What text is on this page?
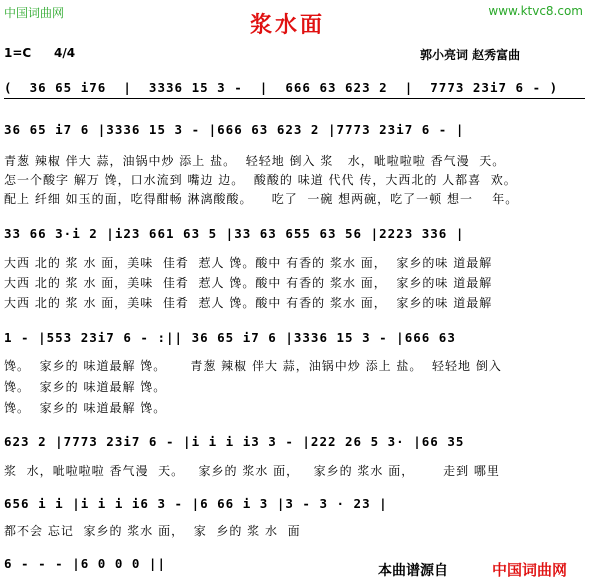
中国词曲网	www.ktvc8.com
浆水面
1=C 4/4	郭小亮词 赵秀富曲
(  36 65 i76  |  3336 15 3 -  |  666 63 623 2  |  7773 23i7 6 - )
36 65 i7 6 |3336 15 3 - |666 63 623 2 |7773 23i7 6 - |
青葱 辣椒 伴大 蒜，油锅中炒 添上 盐。  轻轻地 倒入 浆   水，呲啦啦啦 香气漫  天。
怎一个酸字 解万 馋，口水流到 嘴边 边。  酸酸的 味道 代代 传，大西北的 人都喜  欢。
配上 纤细 如玉的面，吃得酣畅 淋漓酸酸。    吃了  一碗 想两碗，吃了一顿 想一    年。
33 66 3·i 2 |i23 661 63 5 |33 63 655 63 56 |2223 336 |
大西 北的 浆 水 面，美味  佳肴  惹人 馋。酸中 有香的 浆水 面，  家乡的味 道最解
大西 北的 浆 水 面，美味  佳肴  惹人 馋。酸中 有香的 浆水 面，  家乡的味 道最解
大西 北的 浆 水 面，美味  佳肴  惹人 馋。酸中 有香的 浆水 面，  家乡的味 道最解
1 - |553 23i7 6 - :|| 36 65 i7 6 |3336 15 3 - |666 63
馋。  家乡的 味道最解 馋。     青葱 辣椒 伴大 蒜，油锅中炒 添上 盐。  轻轻地 倒入
馋。  家乡的 味道最解 馋。
馋。  家乡的 味道最解 馋。
623 2 |7773 23i7 6 - |i i i i3 3 - |222 26 5 3· |66 35
浆  水，呲啦啦啦 香气漫  天。   家乡的 浆水 面，   家乡的 浆水 面，      走到 哪里
656 i i |i i i i6 3 - |6 66 i 3 |3 - 3 · 23 |
都不会 忘记  家乡的 浆水 面，  家  乡的 浆 水  面
6 - - - |6 0 0 0 ||	本曲谱源自	中国词曲网
